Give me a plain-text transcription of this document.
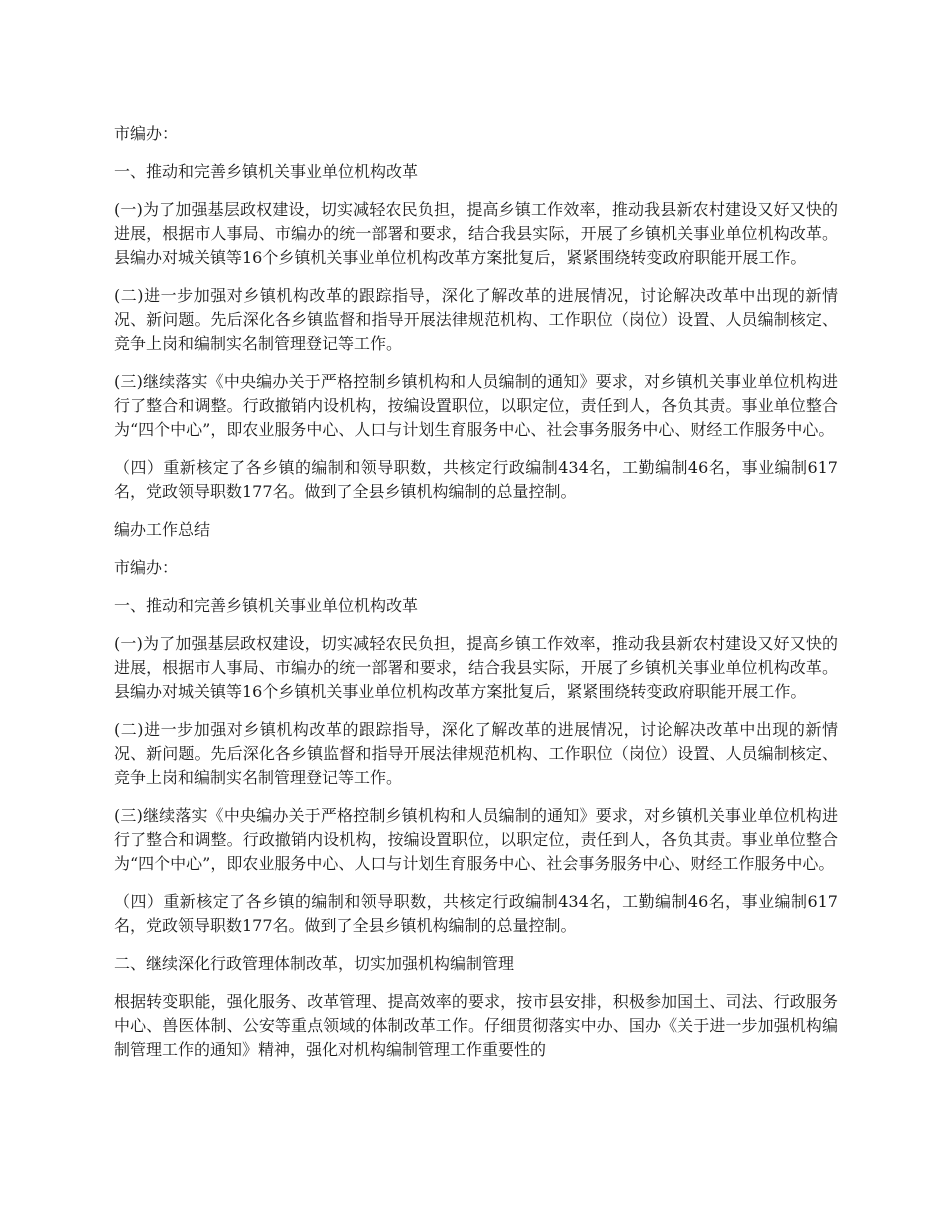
市编办：

一、推动和完善乡镇机关事业单位机构改革

(一)为了加强基层政权建设，切实减轻农民负担，提高乡镇工作效率，推动我县新农村建设又好又快的进展，根据市人事局、市编办的统一部署和要求，结合我县实际，开展了乡镇机关事业单位机构改革。县编办对城关镇等16个乡镇机关事业单位机构改革方案批复后，紧紧围绕转变政府职能开展工作。

(二)进一步加强对乡镇机构改革的跟踪指导，深化了解改革的进展情况，讨论解决改革中出现的新情况、新问题。先后深化各乡镇监督和指导开展法律规范机构、工作职位（岗位）设置、人员编制核定、竞争上岗和编制实名制管理登记等工作。

(三)继续落实《中央编办关于严格控制乡镇机构和人员编制的通知》要求，对乡镇机关事业单位机构进行了整合和调整。行政撤销内设机构，按编设置职位，以职定位，责任到人，各负其责。事业单位整合为“四个中心”，即农业服务中心、人口与计划生育服务中心、社会事务服务中心、财经工作服务中心。

（四）重新核定了各乡镇的编制和领导职数，共核定行政编制434名，工勤编制46名，事业编制617名，党政领导职数177名。做到了全县乡镇机构编制的总量控制。

编办工作总结

市编办：

一、推动和完善乡镇机关事业单位机构改革

(一)为了加强基层政权建设，切实减轻农民负担，提高乡镇工作效率，推动我县新农村建设又好又快的进展，根据市人事局、市编办的统一部署和要求，结合我县实际，开展了乡镇机关事业单位机构改革。县编办对城关镇等16个乡镇机关事业单位机构改革方案批复后，紧紧围绕转变政府职能开展工作。

(二)进一步加强对乡镇机构改革的跟踪指导，深化了解改革的进展情况，讨论解决改革中出现的新情况、新问题。先后深化各乡镇监督和指导开展法律规范机构、工作职位（岗位）设置、人员编制核定、竞争上岗和编制实名制管理登记等工作。

(三)继续落实《中央编办关于严格控制乡镇机构和人员编制的通知》要求，对乡镇机关事业单位机构进行了整合和调整。行政撤销内设机构，按编设置职位，以职定位，责任到人，各负其责。事业单位整合为“四个中心”，即农业服务中心、人口与计划生育服务中心、社会事务服务中心、财经工作服务中心。

（四）重新核定了各乡镇的编制和领导职数，共核定行政编制434名，工勤编制46名，事业编制617名，党政领导职数177名。做到了全县乡镇机构编制的总量控制。

二、继续深化行政管理体制改革，切实加强机构编制管理

根据转变职能，强化服务、改革管理、提高效率的要求，按市县安排，积极参加国土、司法、行政服务中心、兽医体制、公安等重点领域的体制改革工作。仔细贯彻落实中办、国办《关于进一步加强机构编制管理工作的通知》精神，强化对机构编制管理工作重要性的
